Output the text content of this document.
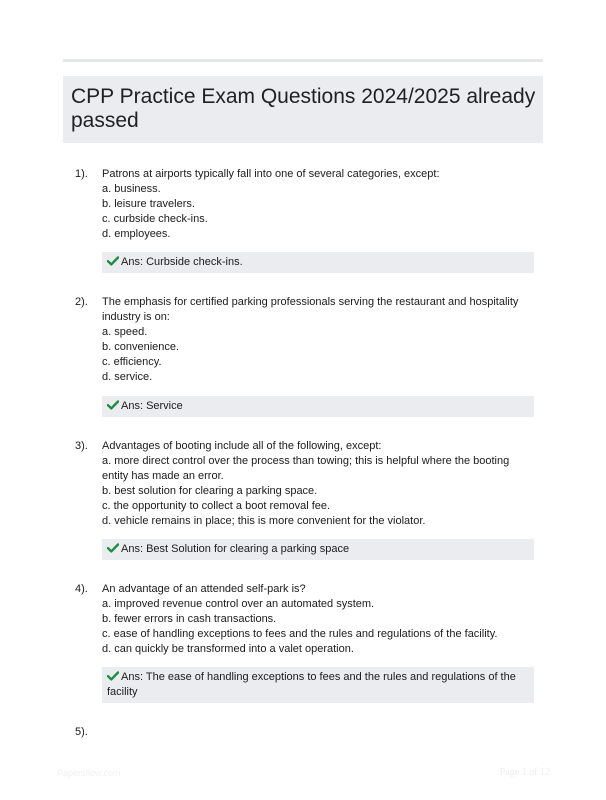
CPP Practice Exam Questions 2024/2025 already passed
1). Patrons at airports typically fall into one of several categories, except:

a. business.

b. leisure travelers.

c. curbside check-ins.

d. employees.

Ans: Curbside check-ins.
2). The emphasis for certified parking professionals serving the restaurant and hospitality industry is on:

a. speed.

b. convenience.

c. efficiency.

d. service.

Ans: Service
3). Advantages of booting include all of the following, except:

a. more direct control over the process than towing; this is helpful where the booting entity has made an error.

b. best solution for clearing a parking space.

c. the opportunity to collect a boot removal fee.

d. vehicle remains in place; this is more convenient for the violator.

Ans: Best Solution for clearing a parking space
4). An advantage of an attended self-park is?

a. improved revenue control over an automated system.

b. fewer errors in cash transactions.

c. ease of handling exceptions to fees and the rules and regulations of the facility.

d. can quickly be transformed into a valet operation.

Ans: The ease of handling exceptions to fees and the rules and regulations of the facility
5).
Papersflow.com	Page 1 of 12
